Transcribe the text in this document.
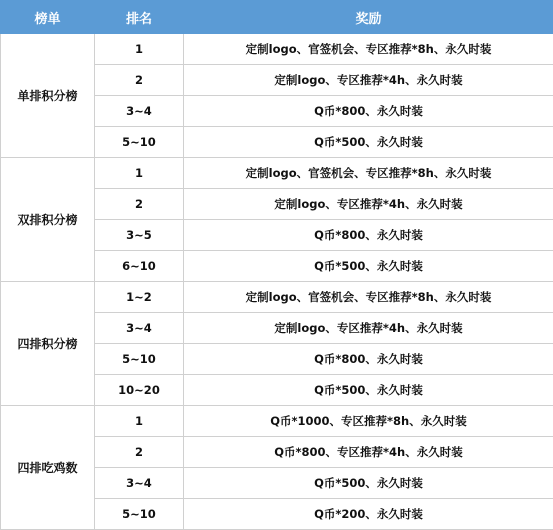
榜单	排名	奖励
单排积分榜	1	定制logo、官签机会、专区推荐*8h、永久时装
	2	定制logo、专区推荐*4h、永久时装
	3~4	Q币*800、永久时装
	5~10	Q币*500、永久时装
双排积分榜	1	定制logo、官签机会、专区推荐*8h、永久时装
	2	定制logo、专区推荐*4h、永久时装
	3~5	Q币*800、永久时装
	6~10	Q币*500、永久时装
四排积分榜	1~2	定制logo、官签机会、专区推荐*8h、永久时装
	3~4	定制logo、专区推荐*4h、永久时装
	5~10	Q币*800、永久时装
	10~20	Q币*500、永久时装
四排吃鸡数	1	Q币*1000、专区推荐*8h、永久时装
	2	Q币*800、专区推荐*4h、永久时装
	3~4	Q币*500、永久时装
	5~10	Q币*200、永久时装
